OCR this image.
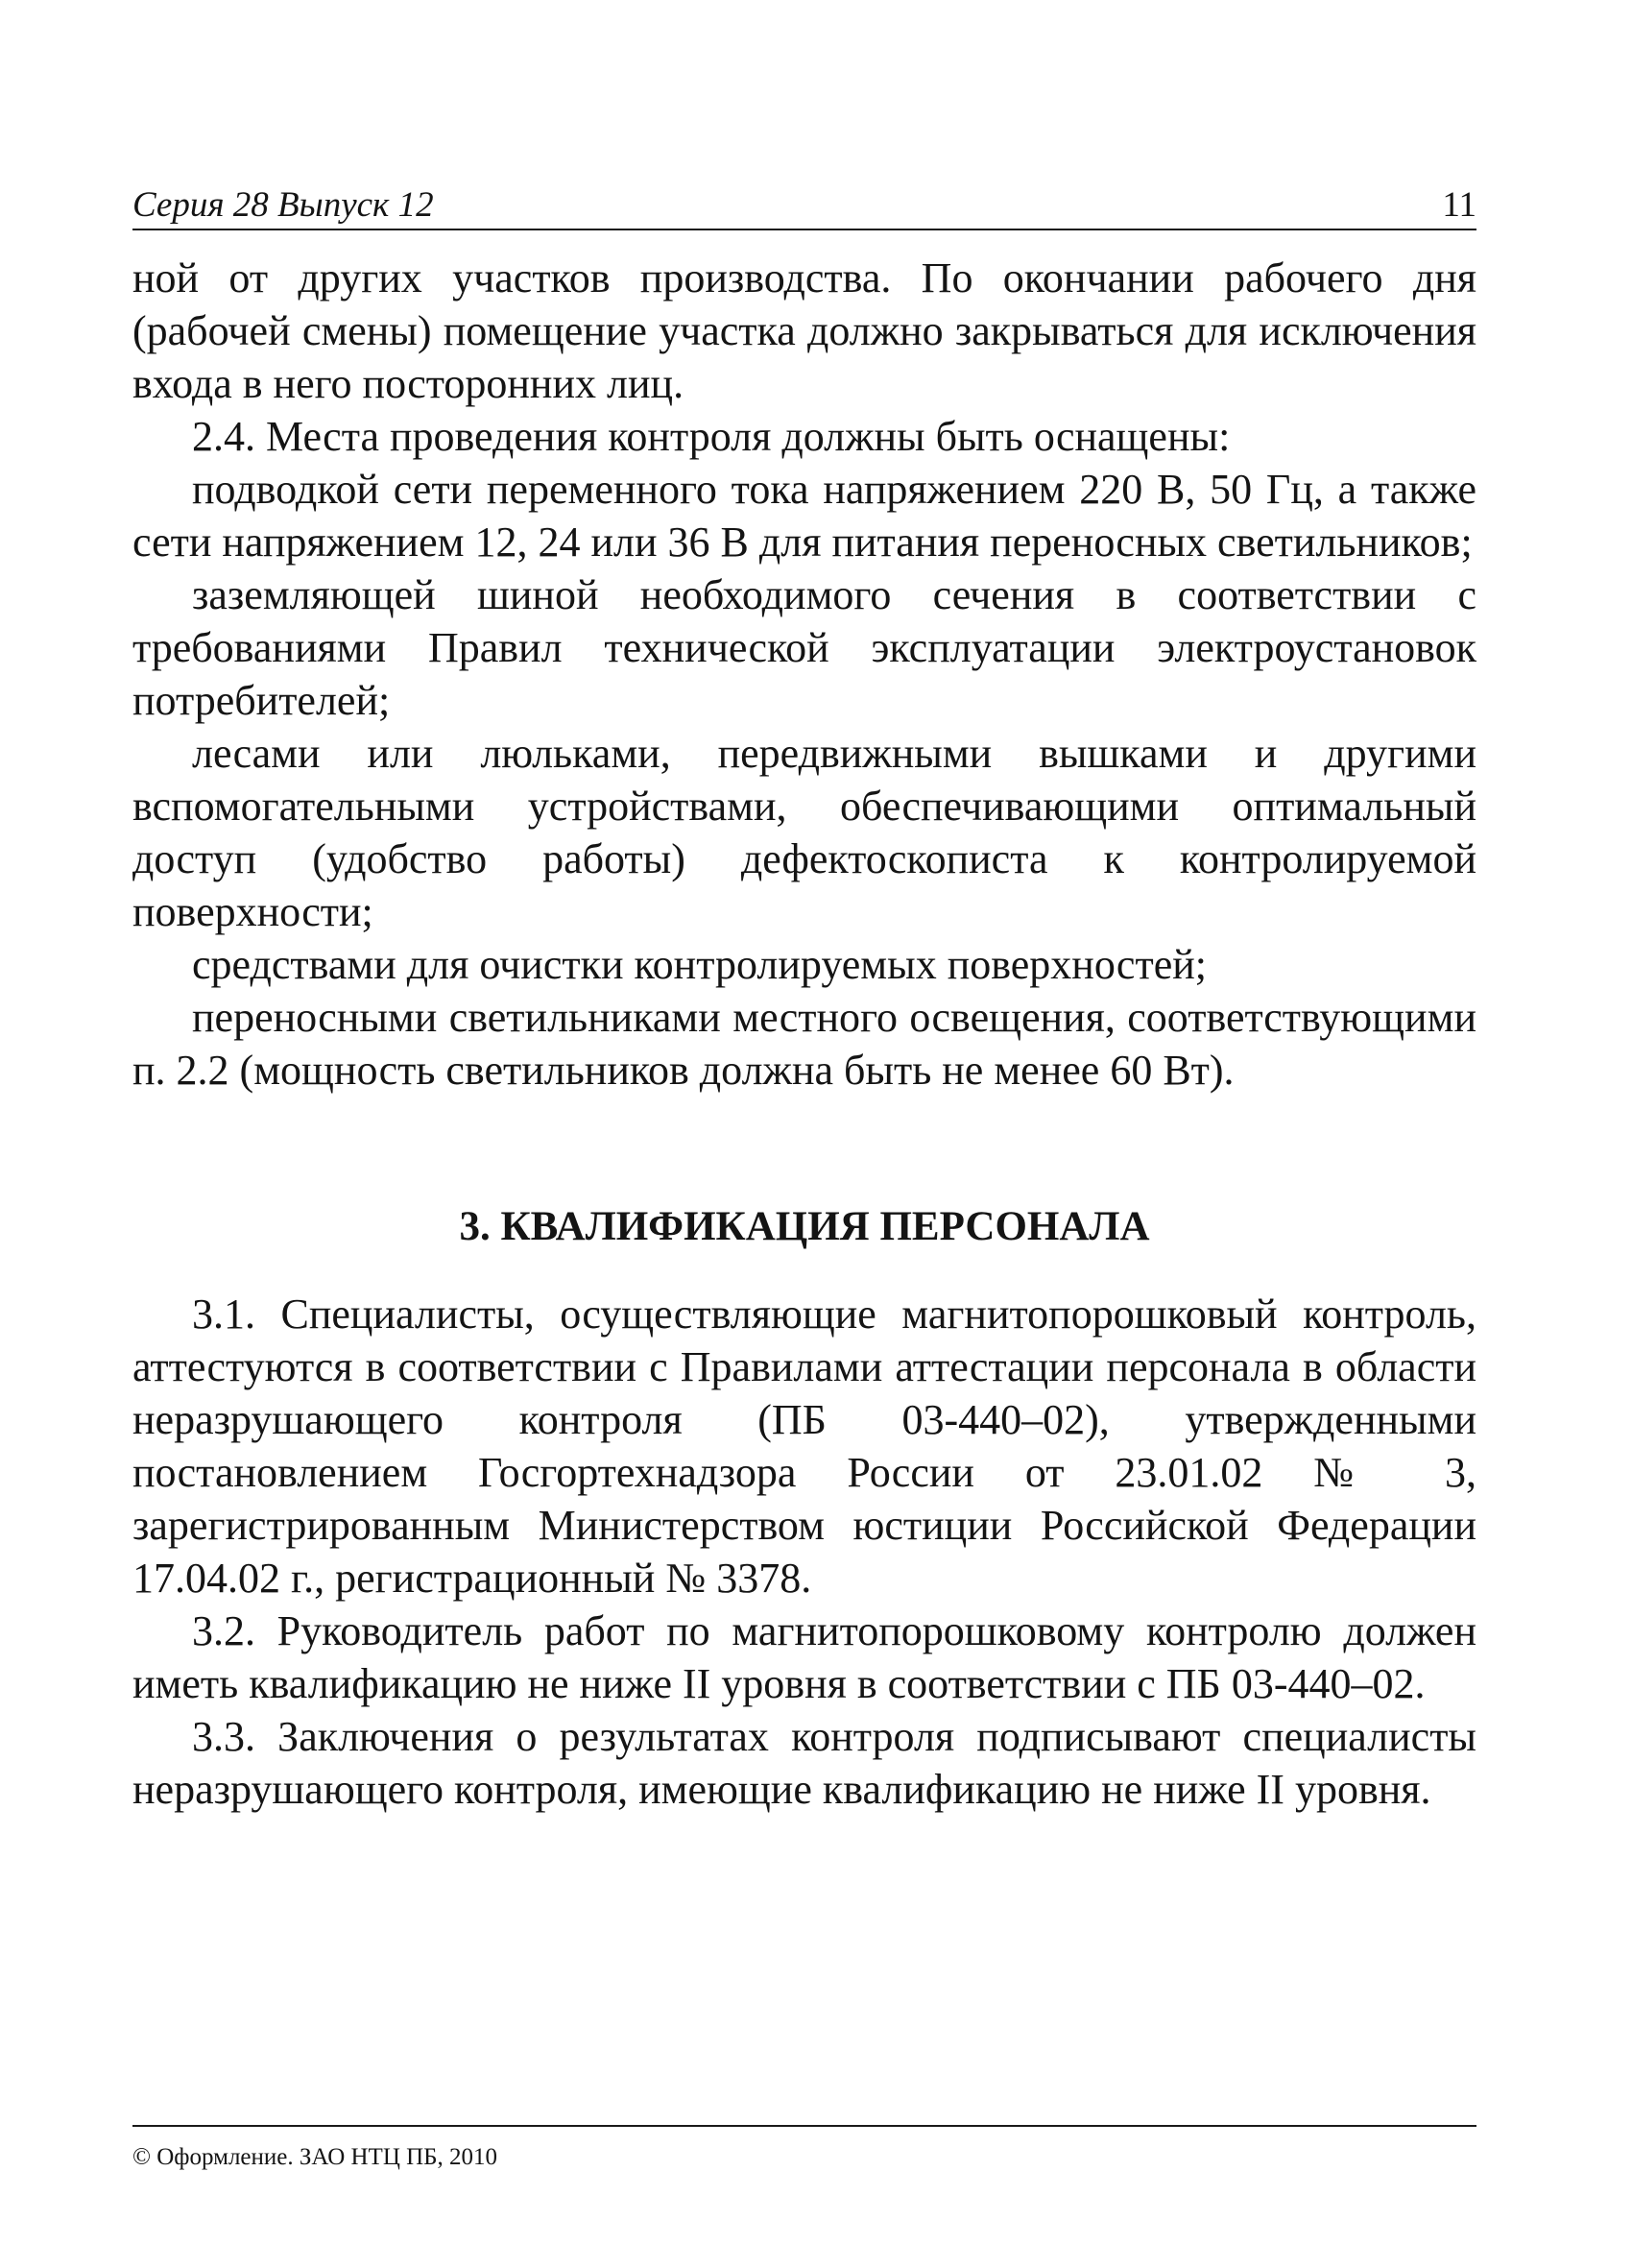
Серия 28 Выпуск 12	11

ной от других участков производства. По окончании рабочего дня (рабочей смены) помещение участка должно закрываться для исключения входа в него посторонних лиц.

2.4. Места проведения контроля должны быть оснащены:

подводкой сети переменного тока напряжением 220 В, 50 Гц, а также сети напряжением 12, 24 или 36 В для питания переносных светильников;

заземляющей шиной необходимого сечения в соответствии с требованиями Правил технической эксплуатации электроустановок потребителей;

лесами или люльками, передвижными вышками и другими вспомогательными устройствами, обеспечивающими оптимальный доступ (удобство работы) дефектоскописта к контролируемой поверхности;

средствами для очистки контролируемых поверхностей;

переносными светильниками местного освещения, соответствующими п. 2.2 (мощность светильников должна быть не менее 60 Вт).

3. КВАЛИФИКАЦИЯ ПЕРСОНАЛА

3.1. Специалисты, осуществляющие магнитопорошковый контроль, аттестуются в соответствии с Правилами аттестации персонала в области неразрушающего контроля (ПБ 03-440–02), утвержденными постановлением Госгортехнадзора России от 23.01.02 № 3, зарегистрированным Министерством юстиции Российской Федерации 17.04.02 г., регистрационный № 3378.

3.2. Руководитель работ по магнитопорошковому контролю должен иметь квалификацию не ниже II уровня в соответствии с ПБ 03-440–02.

3.3. Заключения о результатах контроля подписывают специалисты неразрушающего контроля, имеющие квалификацию не ниже II уровня.

© Оформление. ЗАО НТЦ ПБ, 2010
